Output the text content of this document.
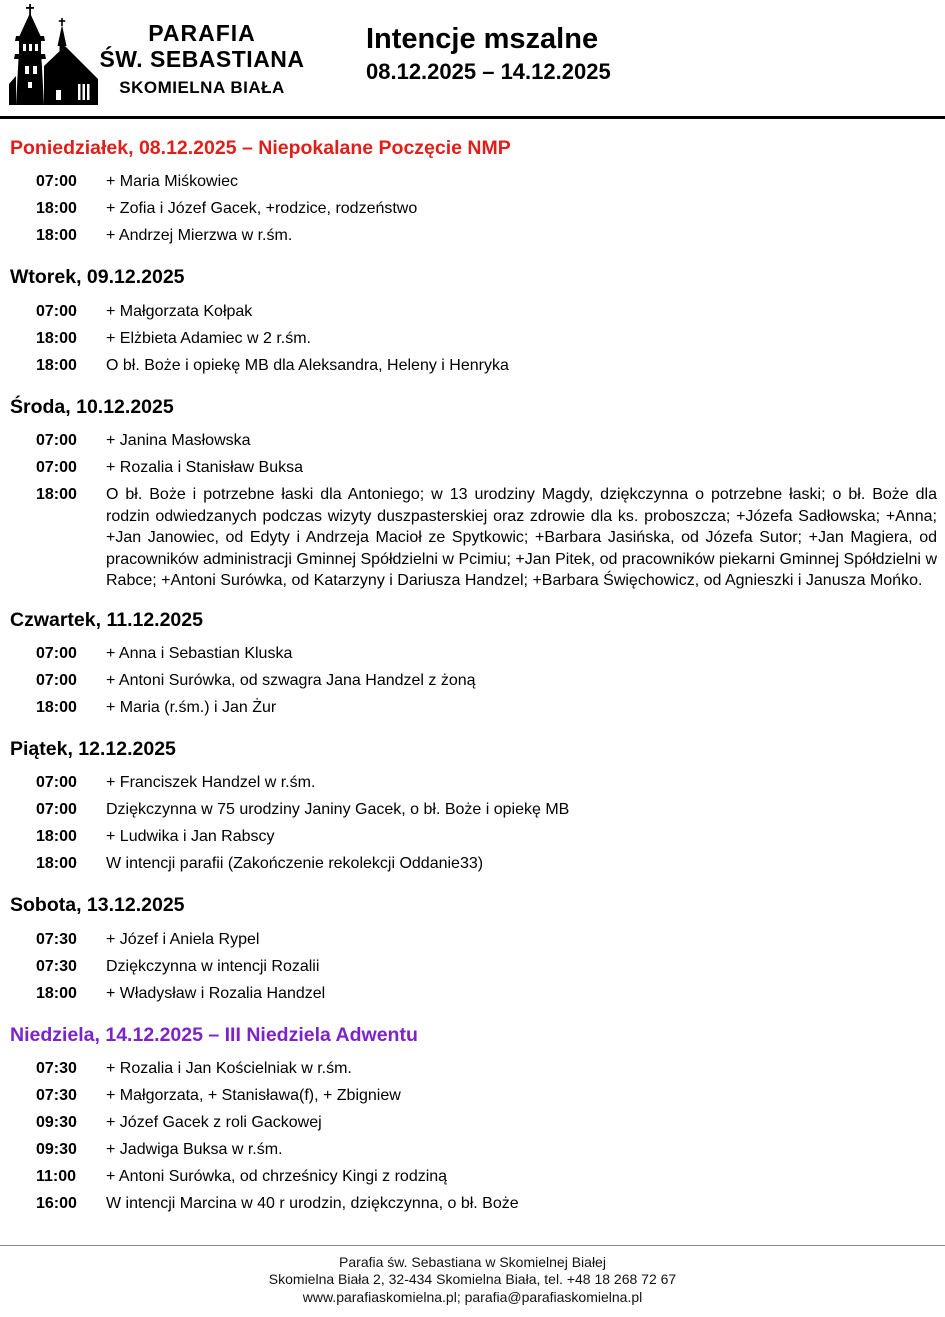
PARAFIA
ŚW. SEBASTIANA
SKOMIELNA BIAŁA
Intencje mszalne
08.12.2025 – 14.12.2025
Poniedziałek, 08.12.2025 – Niepokalane Poczęcie NMP
07:00	+ Maria Miśkowiec
18:00	+ Zofia i Józef Gacek, +rodzice, rodzeństwo
18:00	+ Andrzej Mierzwa w r.śm.
Wtorek, 09.12.2025
07:00	+ Małgorzata Kołpak
18:00	+ Elżbieta Adamiec w 2 r.śm.
18:00	O bł. Boże i opiekę MB dla Aleksandra, Heleny i Henryka
Środa, 10.12.2025
07:00	+ Janina Masłowska
07:00	+ Rozalia i Stanisław Buksa
18:00	O bł. Boże i potrzebne łaski dla Antoniego; w 13 urodziny Magdy, dziękczynna o potrzebne łaski; o bł. Boże dla rodzin odwiedzanych podczas wizyty duszpasterskiej oraz zdrowie dla ks. proboszcza; +Józefa Sadłowska; +Anna; +Jan Janowiec, od Edyty i Andrzeja Macioł ze Spytkowic; +Barbara Jasińska, od Józefa Sutor; +Jan Magiera, od pracowników administracji Gminnej Spółdzielni w Pcimiu; +Jan Pitek, od pracowników piekarni Gminnej Spółdzielni w Rabce; +Antoni Surówka, od Katarzyny i Dariusza Handzel; +Barbara Święchowicz, od Agnieszki i Janusza Mońko.
Czwartek, 11.12.2025
07:00	+ Anna i Sebastian Kluska
07:00	+ Antoni Surówka, od szwagra Jana Handzel z żoną
18:00	+ Maria (r.śm.) i Jan Żur
Piątek, 12.12.2025
07:00	+ Franciszek Handzel w r.śm.
07:00	Dziękczynna w 75 urodziny Janiny Gacek, o bł. Boże i opiekę MB
18:00	+ Ludwika i Jan Rabscy
18:00	W intencji parafii (Zakończenie rekolekcji Oddanie33)
Sobota, 13.12.2025
07:30	+ Józef i Aniela Rypel
07:30	Dziękczynna w intencji Rozalii
18:00	+ Władysław i Rozalia Handzel
Niedziela, 14.12.2025 – III Niedziela Adwentu
07:30	+ Rozalia i Jan Kościelniak w r.śm.
07:30	+ Małgorzata, + Stanisława(f), + Zbigniew
09:30	+ Józef Gacek z roli Gackowej
09:30	+ Jadwiga Buksa w r.śm.
11:00	+ Antoni Surówka, od chrześnicy Kingi z rodziną
16:00	W intencji Marcina w 40 r urodzin, dziękczynna, o bł. Boże
Parafia św. Sebastiana w Skomielnej Białej
Skomielna Biała 2, 32-434 Skomielna Biała, tel. +48 18 268 72 67
www.parafiaskomielna.pl; parafia@parafiaskomielna.pl
